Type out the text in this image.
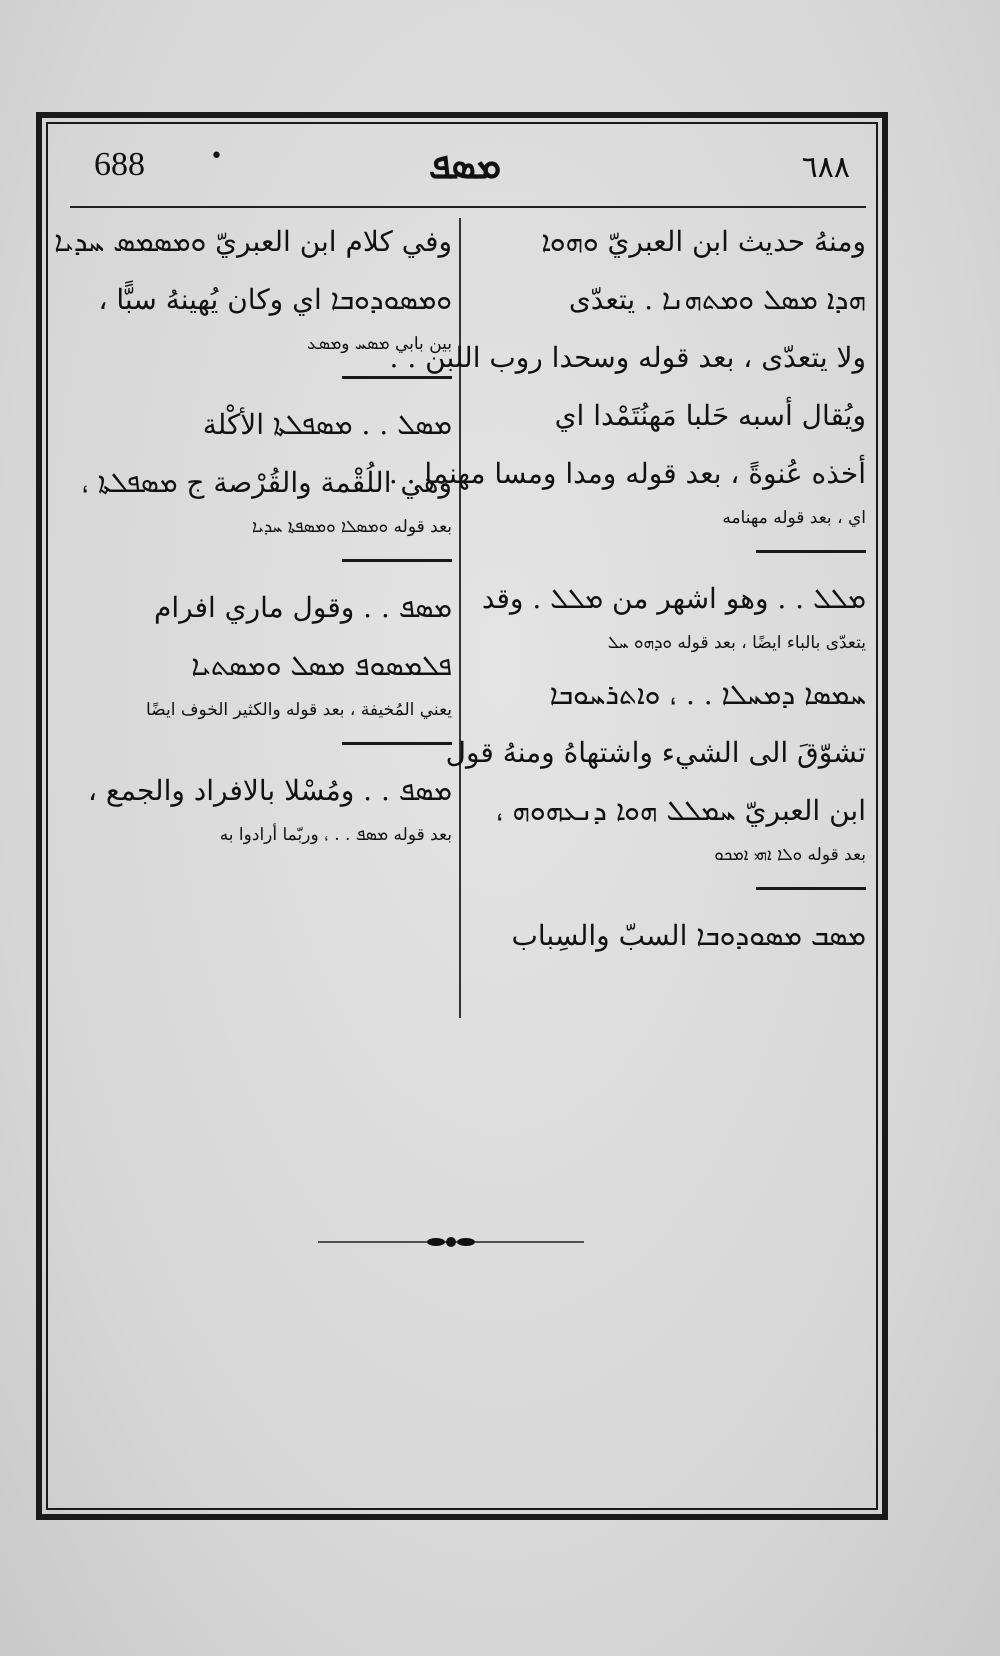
688	•	ܡܣܦ	٦٨٨
ومنهُ حديث ابن العبريّ ܘܗܘܐ
ܗܕܐ ܡܣܠ ܘܡܬܗܢܐ . يتعدّى
ولا يتعدّى ، بعد قوله وسحدا روب اللبن . .
ويُقال أسبه حَلبا مَهنُتَمْدا اي
أخذه عُنوةً ، بعد قوله ومدا ومسا مهنما . .
اي ، بعد قوله مهنامه
ܡܠܠ . . وهو اشهر من ܡܠܠ . وقد
يتعدّى بالباء ايضًا ، بعد قوله ܘܕܗܘ ܚܠ
ܚܡܣܐ ܕܡܚܠܐ . . ، ܘܐܬܪܚܘܒܐ
تشوّقَ الى الشيء واشتهاهُ ومنهُ قول
ابن العبريّ ܚܡܠܠ ܗܘܐ ܕܢܥܗܘܗ ،
بعد قوله ܘܠܐ ܐܗܝ ܐܡܟܘ
ܡܣܒ ܡܣܘܕܘܒܐ السبّ والسِباب
وفي كلام ابن العبريّ ܘܡܣܡܣ ܚܕܝܐ
ܘܡܣܘܕܘܒܐ اي وكان يُهينهُ سبًّا ،
بين بابي ܡܣܚ وܡܣܥ
ܡܣܠ . . ܡܣܦܠܬܐ الأكْلة
وهي اللُقْمة والقُرْصة ج ܡܣܦܠܬܐ ،
بعد قوله ܘܡܣܠܐ ܘܡܣܦܬܐ ܚܕܝܐ
ܡܣܦ . . وقول ماري افرام
ܦܠܡܣܘܦ ܡܣܠ ܘܡܣܬܝܐ
يعني المُخيفة ، بعد قوله والكثير الخوف ايضًا
ܡܣܦ . . ومُسْلا بالافراد والجمع ،
بعد قوله ܡܣܦ . . ، وربّما أرادوا به
